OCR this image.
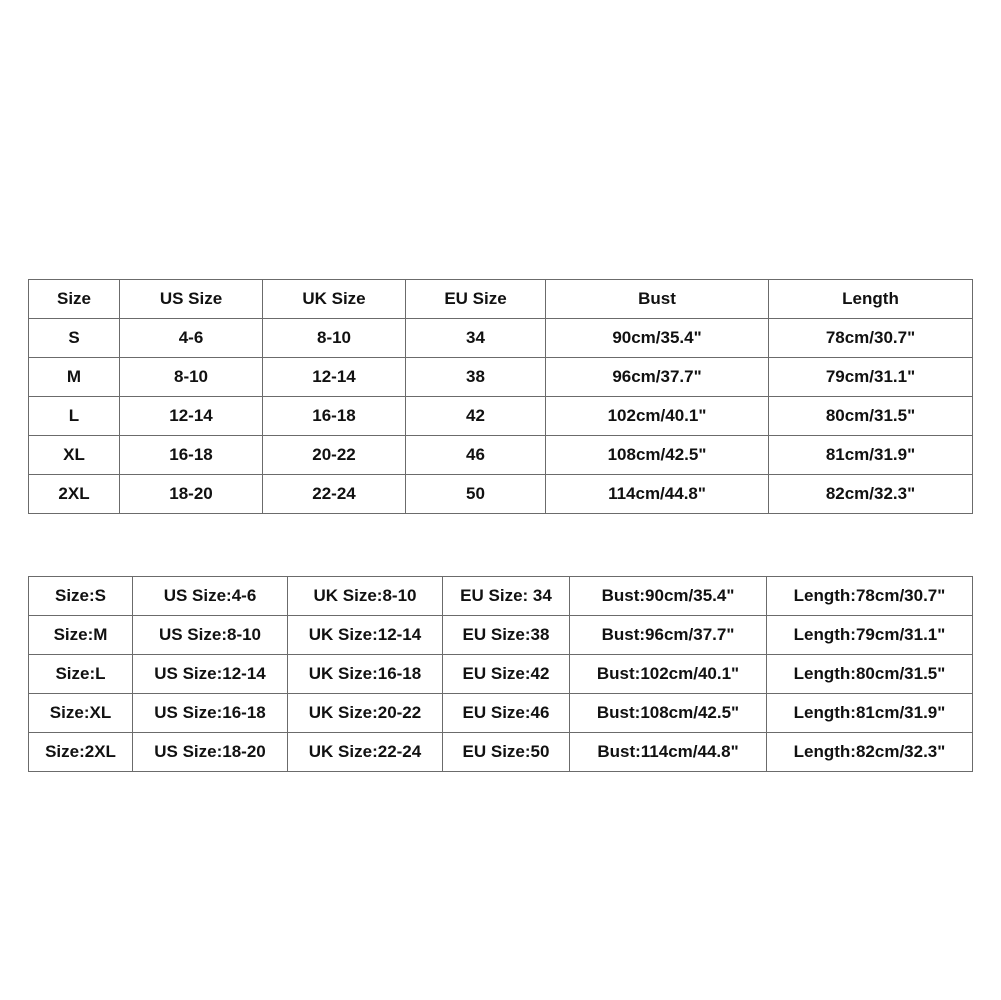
Size	US Size	UK Size	EU Size	Bust	Length
S	4-6	8-10	34	90cm/35.4"	78cm/30.7"
M	8-10	12-14	38	96cm/37.7"	79cm/31.1"
L	12-14	16-18	42	102cm/40.1"	80cm/31.5"
XL	16-18	20-22	46	108cm/42.5"	81cm/31.9"
2XL	18-20	22-24	50	114cm/44.8"	82cm/32.3"
Size:S	US Size:4-6	UK Size:8-10	EU Size: 34	Bust:90cm/35.4"	Length:78cm/30.7"
Size:M	US Size:8-10	UK Size:12-14	EU Size:38	Bust:96cm/37.7"	Length:79cm/31.1"
Size:L	US Size:12-14	UK Size:16-18	EU Size:42	Bust:102cm/40.1"	Length:80cm/31.5"
Size:XL	US Size:16-18	UK Size:20-22	EU Size:46	Bust:108cm/42.5"	Length:81cm/31.9"
Size:2XL	US Size:18-20	UK Size:22-24	EU Size:50	Bust:114cm/44.8"	Length:82cm/32.3"
